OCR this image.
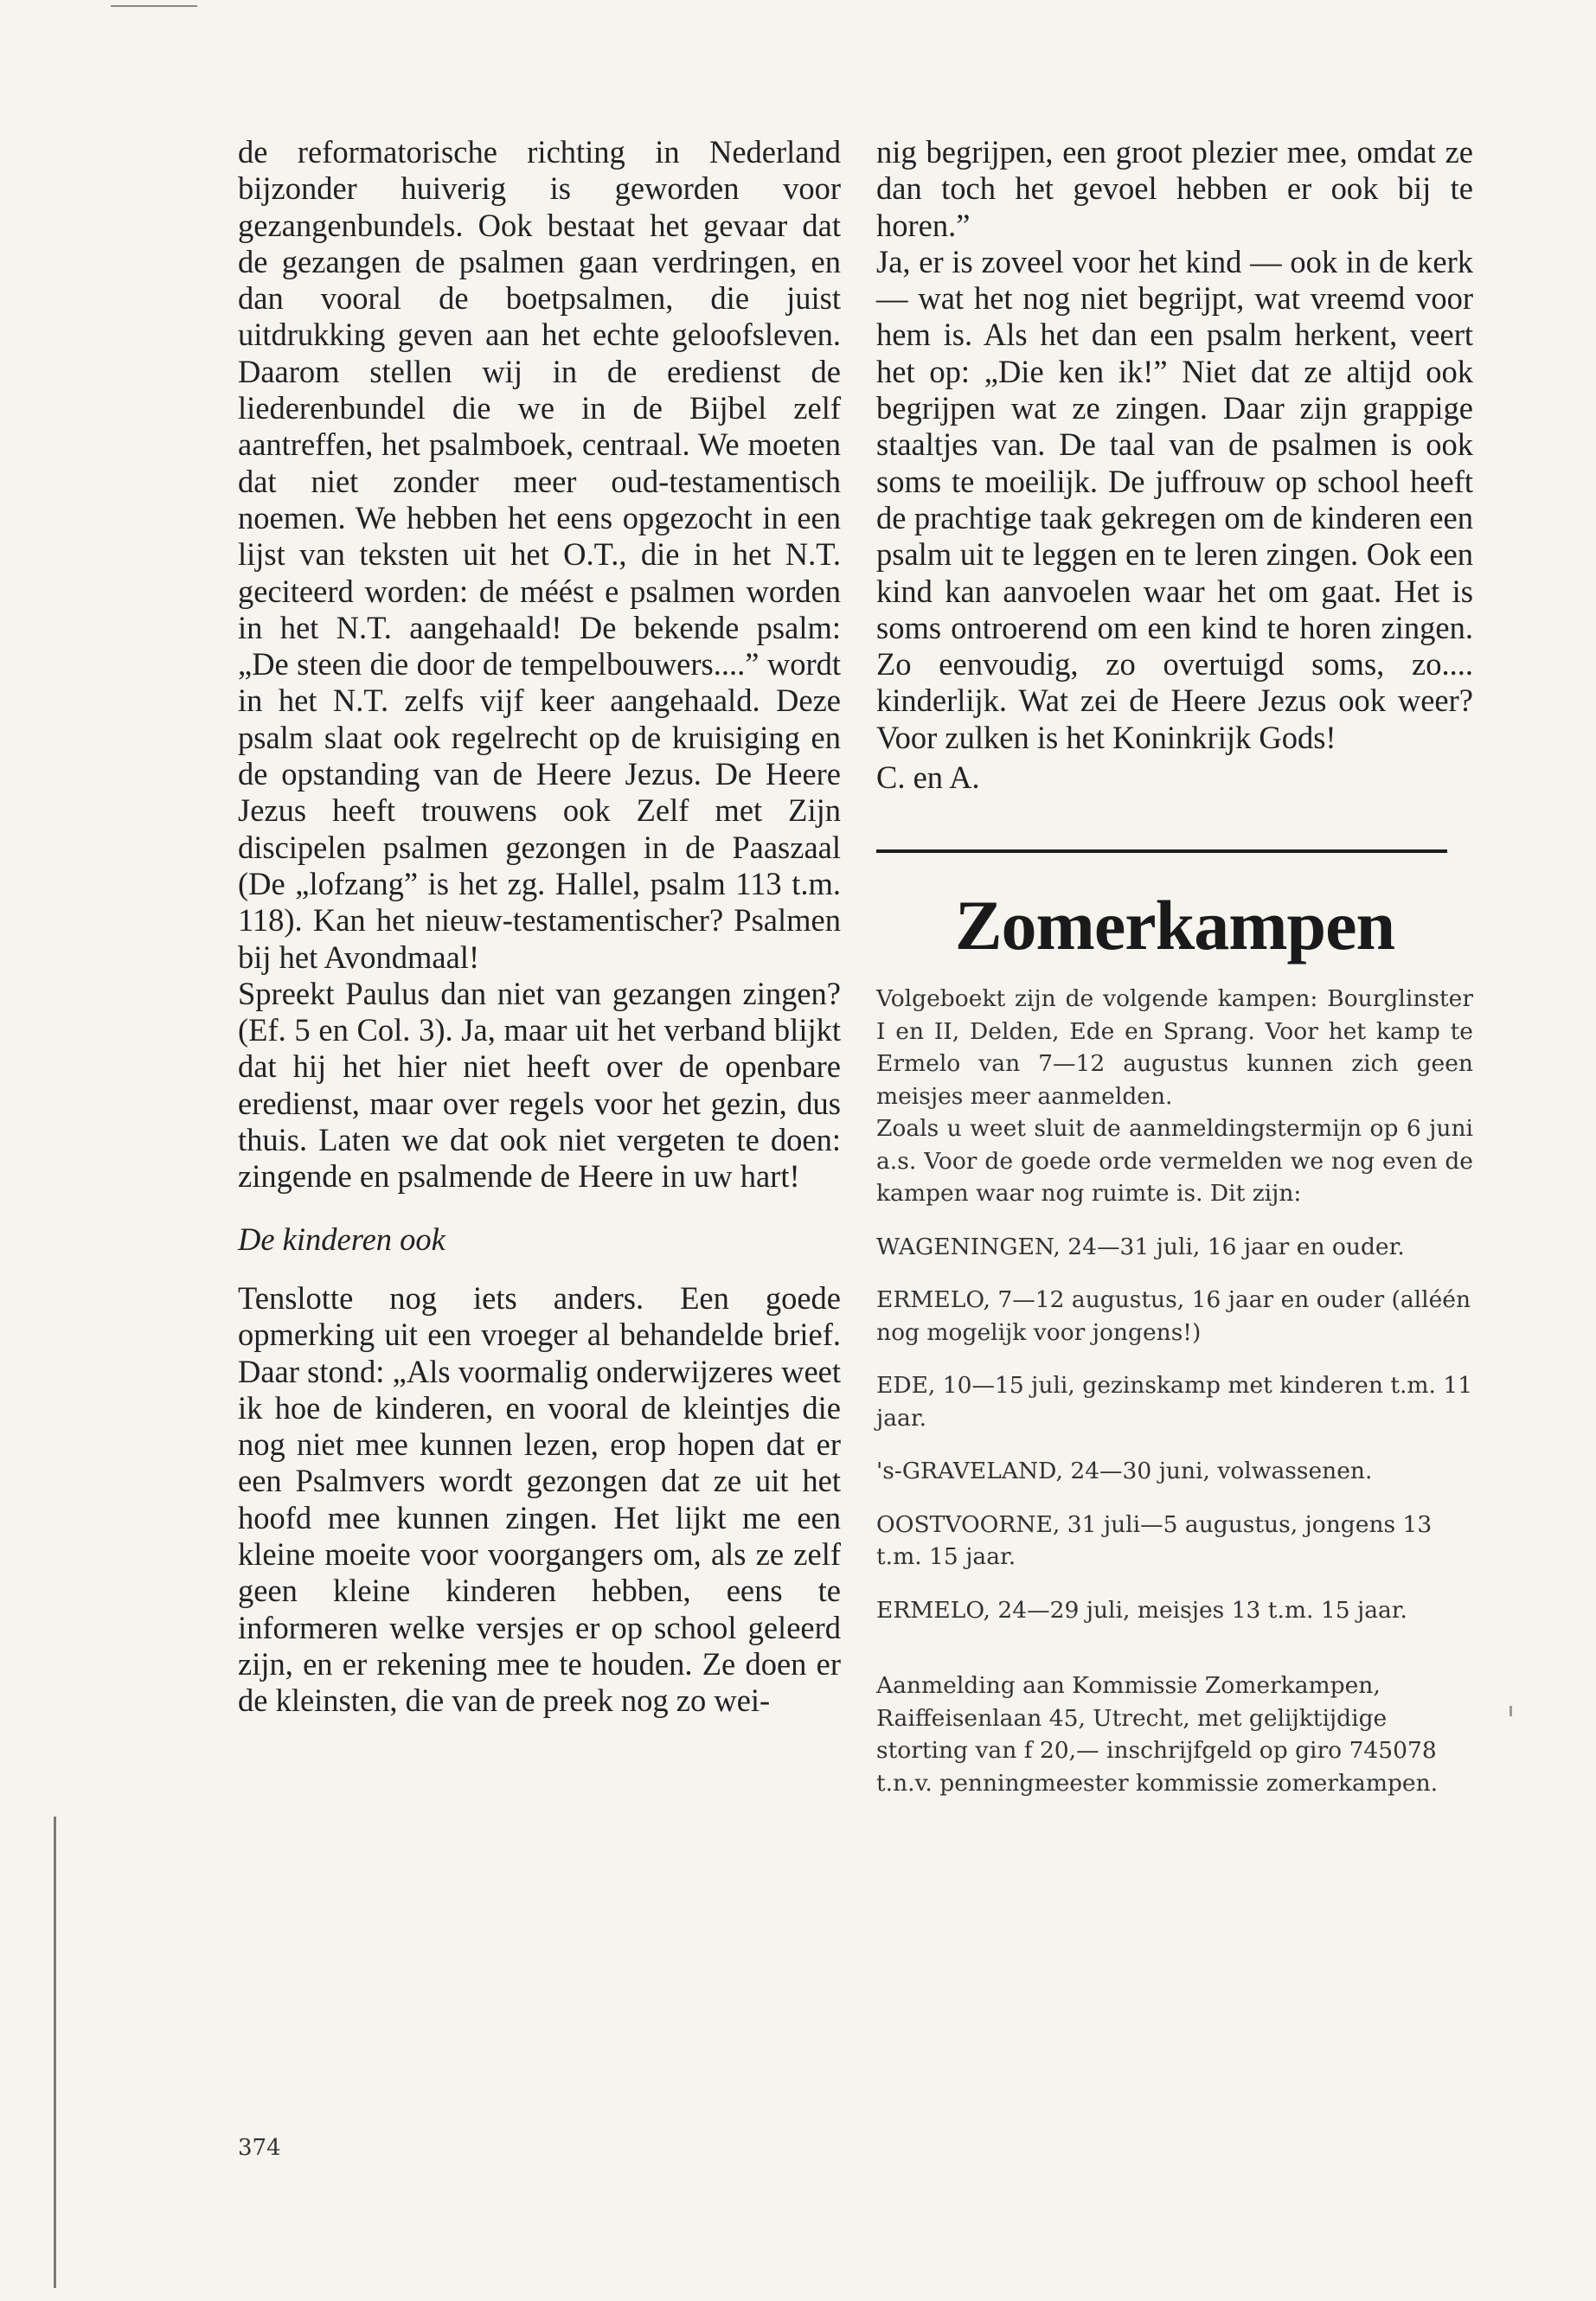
de reformatorische richting in Nederland bijzonder huiverig is geworden voor gezangenbundels. Ook bestaat het gevaar dat de gezangen de psalmen gaan verdringen, en dan vooral de boetpsalmen, die juist uitdrukking geven aan het echte geloofsleven. Daarom stellen wij in de eredienst de liederenbundel die we in de Bijbel zelf aantreffen, het psalmboek, centraal. We moeten dat niet zonder meer oud-testamentisch noemen. We hebben het eens opgezocht in een lijst van teksten uit het O.T., die in het N.T. geciteerd worden: de méést e psalmen worden in het N.T. aangehaald! De bekende psalm: „De steen die door de tempelbouwers....” wordt in het N.T. zelfs vijf keer aangehaald. Deze psalm slaat ook regelrecht op de kruisiging en de opstanding van de Heere Jezus. De Heere Jezus heeft trouwens ook Zelf met Zijn discipelen psalmen gezongen in de Paaszaal (De „lofzang” is het zg. Hallel, psalm 113 t.m. 118). Kan het nieuw-testamentischer? Psalmen bij het Avondmaal!

Spreekt Paulus dan niet van gezangen zingen? (Ef. 5 en Col. 3). Ja, maar uit het verband blijkt dat hij het hier niet heeft over de openbare eredienst, maar over regels voor het gezin, dus thuis. Laten we dat ook niet vergeten te doen: zingende en psalmende de Heere in uw hart!

De kinderen ook

Tenslotte nog iets anders. Een goede opmerking uit een vroeger al behandelde brief. Daar stond: „Als voormalig onderwijzeres weet ik hoe de kinderen, en vooral de kleintjes die nog niet mee kunnen lezen, erop hopen dat er een Psalmvers wordt gezongen dat ze uit het hoofd mee kunnen zingen. Het lijkt me een kleine moeite voor voorgangers om, als ze zelf geen kleine kinderen hebben, eens te informeren welke versjes er op school geleerd zijn, en er rekening mee te houden. Ze doen er de kleinsten, die van de preek nog zo wei-

nig begrijpen, een groot plezier mee, omdat ze dan toch het gevoel hebben er ook bij te horen.”

Ja, er is zoveel voor het kind — ook in de kerk — wat het nog niet begrijpt, wat vreemd voor hem is. Als het dan een psalm herkent, veert het op: „Die ken ik!” Niet dat ze altijd ook begrijpen wat ze zingen. Daar zijn grappige staaltjes van. De taal van de psalmen is ook soms te moeilijk. De juffrouw op school heeft de prachtige taak gekregen om de kinderen een psalm uit te leggen en te leren zingen. Ook een kind kan aanvoelen waar het om gaat. Het is soms ontroerend om een kind te horen zingen. Zo eenvoudig, zo overtuigd soms, zo.... kinderlijk. Wat zei de Heere Jezus ook weer? Voor zulken is het Koninkrijk Gods!

C. en A.

Zomerkampen

Volgeboekt zijn de volgende kampen: Bourglinster I en II, Delden, Ede en Sprang. Voor het kamp te Ermelo van 7—12 augustus kunnen zich geen meisjes meer aanmelden.

Zoals u weet sluit de aanmeldingstermijn op 6 juni a.s. Voor de goede orde vermelden we nog even de kampen waar nog ruimte is. Dit zijn:

WAGENINGEN, 24—31 juli, 16 jaar en ouder.

ERMELO, 7—12 augustus, 16 jaar en ouder (alléén nog mogelijk voor jongens!)

EDE, 10—15 juli, gezinskamp met kinderen t.m. 11 jaar.

's-GRAVELAND, 24—30 juni, volwassenen.

OOSTVOORNE, 31 juli—5 augustus, jongens 13 t.m. 15 jaar.

ERMELO, 24—29 juli, meisjes 13 t.m. 15 jaar.

Aanmelding aan Kommissie Zomerkampen, Raiffeisenlaan 45, Utrecht, met gelijktijdige storting van f 20,— inschrijfgeld op giro 745078 t.n.v. penningmeester kommissie zomerkampen.

374
